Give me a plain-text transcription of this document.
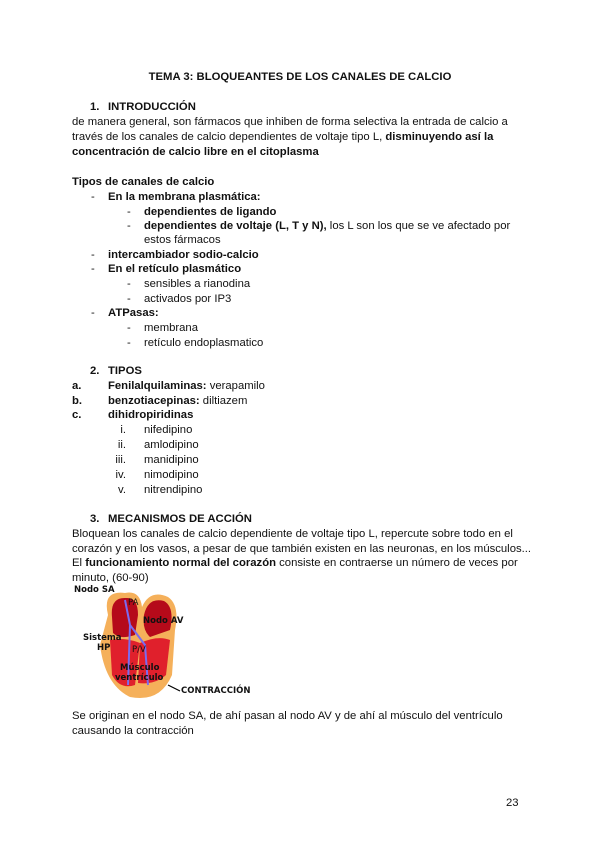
TEMA 3: BLOQUEANTES DE LOS CANALES DE CALCIO
1. INTRODUCCIÓN
de manera general, son fármacos que inhiben de forma selectiva la entrada de calcio a
través de los canales de calcio dependientes de voltaje tipo L, disminuyendo así la
concentración de calcio libre en el citoplasma
Tipos de canales de calcio
- En la membrana plasmática:
- dependientes de ligando
- dependientes de voltaje (L, T y N), los L son los que se ve afectado por
estos fármacos
- intercambiador sodio-calcio
- En el retículo plasmático
- sensibles a rianodina
- activados por IP3
- ATPasas:
- membrana
- retículo endoplasmatico
2. TIPOS
a. Fenilalquilaminas: verapamilo
b. benzotiacepinas: diltiazem
c. dihidropiridinas
i. nifedipino
ii. amlodipino
iii. manidipino
iv. nimodipino
v. nitrendipino
3. MECANISMOS DE ACCIÓN
Bloquean los canales de calcio dependiente de voltaje tipo L, repercute sobre todo en el
corazón y en los vasos, a pesar de que también existen en las neuronas, en los músculos...
El funcionamiento normal del corazón consiste en contraerse un número de veces por
minuto, (60-90)
Nodo SA
PA
Nodo AV
Sistema
HP	P/V
Músculo
ventrículo
CONTRACCIÓN
Se originan en el nodo SA, de ahí pasan al nodo AV y de ahí al músculo del ventrículo
causando la contracción
23
